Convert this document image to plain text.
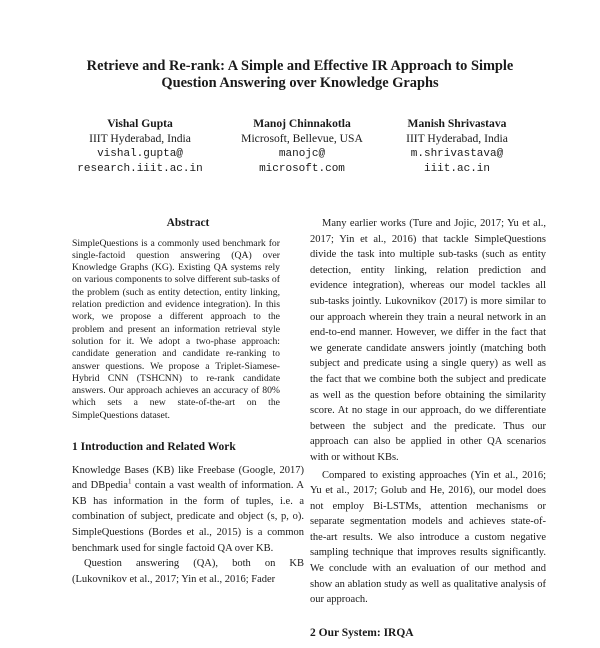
Retrieve and Re-rank: A Simple and Effective IR Approach to Simple
Question Answering over Knowledge Graphs
Vishal Gupta
IIIT Hyderabad, India
vishal.gupta@
research.iiit.ac.in
Manoj Chinnakotla
Microsoft, Bellevue, USA
manojc@
microsoft.com
Manish Shrivastava
IIIT Hyderabad, India
m.shrivastava@
iiit.ac.in
Abstract

SimpleQuestions is a commonly used benchmark for single-factoid question answering (QA) over Knowledge Graphs (KG). Existing QA systems rely on various components to solve different sub-tasks of the problem (such as entity detection, entity linking, relation prediction and evidence integration). In this work, we propose a different approach to the problem and present an information retrieval style solution for it. We adopt a two-phase approach: candidate generation and candidate re-ranking to answer questions. We propose a Triplet-Siamese-Hybrid CNN (TSHCNN) to re-rank candidate answers. Our approach achieves an accuracy of 80% which sets a new state-of-the-art on the SimpleQuestions dataset.

1 Introduction and Related Work

Knowledge Bases (KB) like Freebase (Google, 2017) and DBpedia$^1$ contain a vast wealth of information. A KB has information in the form of tuples, i.e. a combination of subject, predicate and object (s, p, o). SimpleQuestions (Bordes et al., 2015) is a common benchmark used for single factoid QA over KB.

Question answering (QA), both on KB (Lukovnikov et al., 2017; Yin et al., 2016; Fader

Many earlier works (Ture and Jojic, 2017; Yu et al., 2017; Yin et al., 2016) that tackle SimpleQuestions divide the task into multiple sub-tasks (such as entity detection, entity linking, relation prediction and evidence integration), whereas our model tackles all sub-tasks jointly. Lukovnikov (2017) is more similar to our approach wherein they train a neural network in an end-to-end manner. However, we differ in the fact that we generate candidate answers jointly (matching both subject and predicate using a single query) as well as the fact that we combine both the subject and predicate as well as the question before obtaining the similarity score. At no stage in our approach, do we differentiate between the subject and the predicate. Thus our approach can also be applied in other QA scenarios with or without KBs.

Compared to existing approaches (Yin et al., 2016; Yu et al., 2017; Golub and He, 2016), our model does not employ Bi-LSTMs, attention mechanisms or separate segmentation models and achieves state-of-the-art results. We also introduce a custom negative sampling technique that improves results significantly. We conclude with an evaluation of our method and show an ablation study as well as qualitative analysis of our approach.

2 Our System: IRQA
